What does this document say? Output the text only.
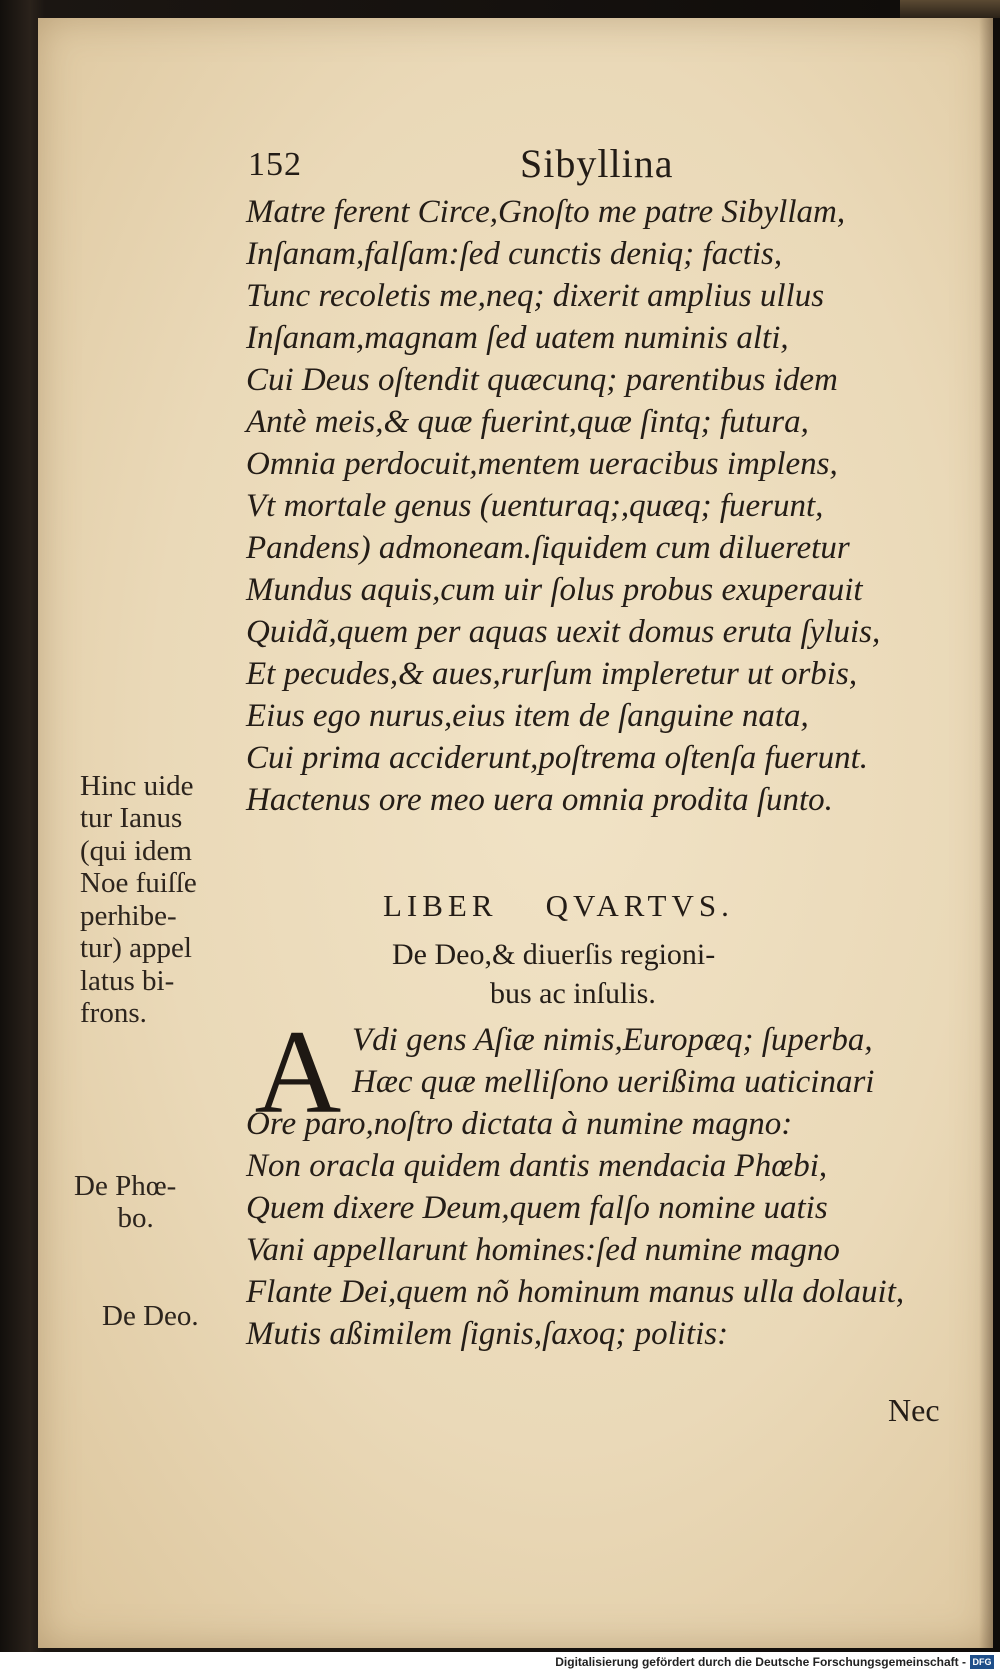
152	Sibyllina
Matre ferent Circe,Gnoſto me patre Sibyllam,
Inſanam,falſam:ſed cunctis deniq; factis,
Tunc recoletis me,neq; dixerit amplius ullus
Inſanam,magnam ſed uatem numinis alti,
Cui Deus oſtendit quæcunq; parentibus idem
Antè meis,& quæ fuerint,quæ ſintq; futura,
Omnia perdocuit,mentem ueracibus implens,
Vt mortale genus (uenturaq;,quæq; fuerunt,
Pandens) admoneam.ſiquidem cum dilueretur
Mundus aquis,cum uir ſolus probus exuperauit
Quidã,quem per aquas uexit domus eruta ſyluis,
Et pecudes,& aues,rurſum impleretur ut orbis,
Eius ego nurus,eius item de ſanguine nata,
Cui prima acciderunt,poſtrema oſtenſa fuerunt.
Hactenus ore meo uera omnia prodita ſunto.
Hinc uide
tur Ianus
(qui idem
Noe fuiſſe
perhibe-
tur) appel
latus bi-
frons.
LIBER QVARTVS.
De Deo,& diuerſis regioni-
bus ac inſulis.
A Vdi gens Aſiæ nimis,Europæq; ſuperba,
Hæc quæ melliſono uerißima uaticinari
Ore paro,noſtro dictata à numine magno:
Non oracla quidem dantis mendacia Phœbi,
Quem dixere Deum,quem falſo nomine uatis
Vani appellarunt homines:ſed numine magno
Flante Dei,quem nõ hominum manus ulla dolauit,
Mutis aßimilem ſignis,ſaxoq; politis:
De Phœ-
bo.
De Deo.
Nec
Digitalisierung gefördert durch die Deutsche Forschungsgemeinschaft - DFG
